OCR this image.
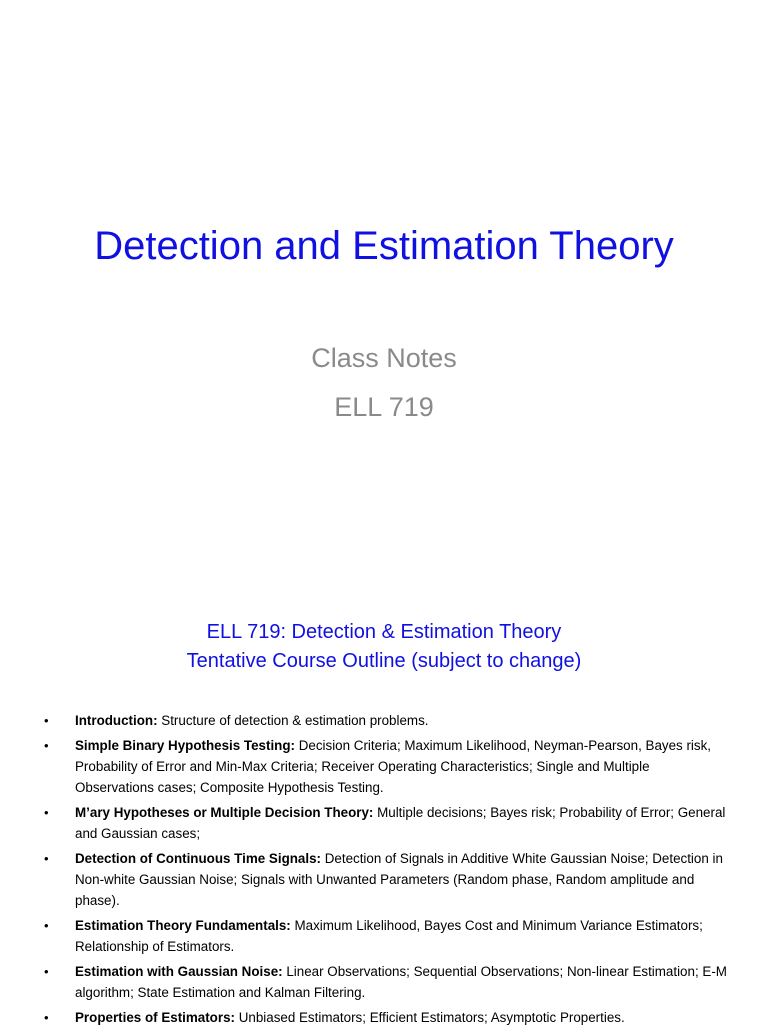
Detection and Estimation Theory
Class Notes
ELL 719
ELL 719: Detection & Estimation Theory
Tentative Course Outline (subject to change)
• Introduction: Structure of detection & estimation problems.
• Simple Binary Hypothesis Testing: Decision Criteria; Maximum Likelihood, Neyman-Pearson, Bayes risk, Probability of Error and Min-Max Criteria; Receiver Operating Characteristics; Single and Multiple Observations cases; Composite Hypothesis Testing.
• M’ary Hypotheses or Multiple Decision Theory: Multiple decisions; Bayes risk; Probability of Error; General and Gaussian cases;
• Detection of Continuous Time Signals: Detection of Signals in Additive White Gaussian Noise; Detection in Non-white Gaussian Noise; Signals with Unwanted Parameters (Random phase, Random amplitude and phase).
• Estimation Theory Fundamentals: Maximum Likelihood, Bayes Cost and Minimum Variance Estimators; Relationship of Estimators.
• Estimation with Gaussian Noise: Linear Observations; Sequential Observations; Non-linear Estimation; E-M algorithm; State Estimation and Kalman Filtering.
• Properties of Estimators: Unbiased Estimators; Efficient Estimators; Asymptotic Properties.
